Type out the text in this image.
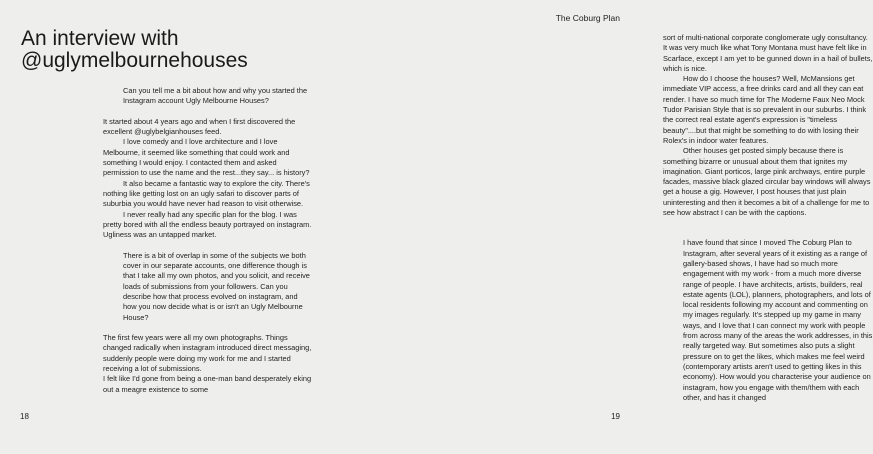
An interview with
@uglymelbournehouses

Can you tell me a bit about how and why you started the Instagram account Ugly Melbourne Houses?

It started about 4 years ago and when I first discovered the excellent @uglybelgianhouses feed.

I love comedy and I love architecture and I love Melbourne, it seemed like something that could work and something I would enjoy. I contacted them and asked permission to use the name and the rest...they say... is history?

It also became a fantastic way to explore the city. There's nothing like getting lost on an ugly safari to discover parts of suburbia you would have never had reason to visit otherwise.

I never really had any specific plan for the blog. I was pretty bored with all the endless beauty portrayed on instagram. Ugliness was an untapped market.

There is a bit of overlap in some of the subjects we both cover in our separate accounts, one difference though is that I take all my own photos, and you solicit, and receive loads of submissions from your followers. Can you describe how that process evolved on instagram, and how you now decide what is or isn't an Ugly Melbourne House?

The first few years were all my own photographs. Things changed radically when instagram introduced direct messaging, suddenly people were doing my work for me and I started receiving a lot of submissions.

I felt like I'd gone from being a one-man band desperately eking out a meagre existence to some

18
The Coburg Plan

sort of multi-national corporate conglomerate ugly consultancy. It was very much like what Tony Montana must have felt like in Scarface, except I am yet to be gunned down in a hail of bullets, which is nice.

How do I choose the houses? Well, McMansions get immediate VIP access, a free drinks card and all they can eat render. I have so much time for The Moderne Faux Neo Mock Tudor Parisian Style that is so prevalent in our suburbs. I think the correct real estate agent's expression is "timeless beauty"....but that might be something to do with losing their Rolex's in indoor water features.

Other houses get posted simply because there is something bizarre or unusual about them that ignites my imagination. Giant porticos, large pink archways, entire purple facades, massive black glazed circular bay windows will always get a house a gig. However, I post houses that just plain uninteresting and then it becomes a bit of a challenge for me to see how abstract I can be with the captions.

I have found that since I moved The Coburg Plan to Instagram, after several years of it existing as a range of gallery-based shows, I have had so much more engagement with my work - from a much more diverse range of people. I have architects, artists, builders, real estate agents (LOL), planners, photographers, and lots of local residents following my account and commenting on my images regularly. It's stepped up my game in many ways, and I love that I can connect my work with people from across many of the areas the work addresses, in this really targeted way. But sometimes also puts a slight pressure on to get the likes, which makes me feel weird (contemporary artists aren't used to getting likes in this economy). How would you characterise your audience on instagram, how you engage with them/them with each other, and has it changed

19
